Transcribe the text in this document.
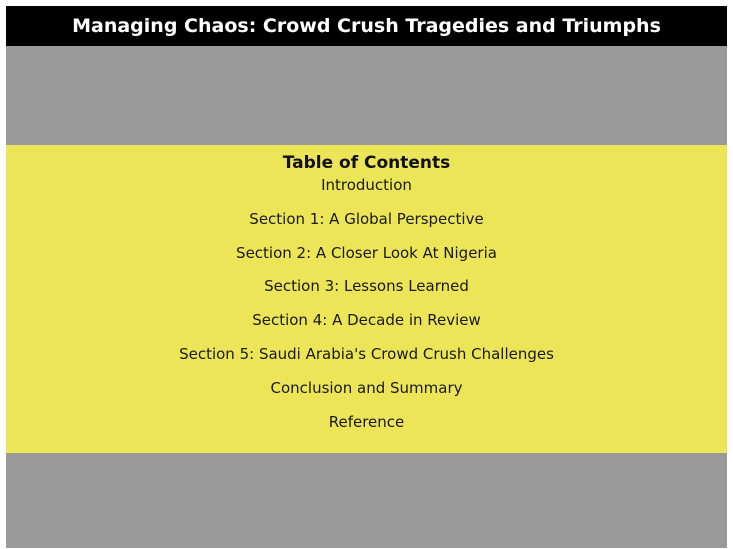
Managing Chaos: Crowd Crush Tragedies and Triumphs
Table of Contents
Introduction
Section 1: A Global Perspective
Section 2: A Closer Look At Nigeria
Section 3: Lessons Learned
Section 4: A Decade in Review
Section 5: Saudi Arabia's Crowd Crush Challenges
Conclusion and Summary
Reference
